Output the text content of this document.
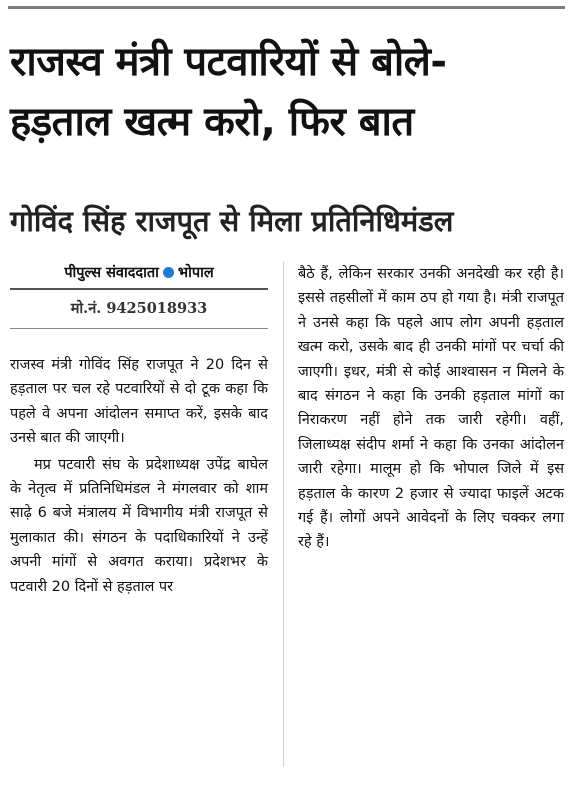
राजस्व मंत्री पटवारियों से बोले-
हड़ताल खत्म करो, फिर बात
गोविंद सिंह राजपूत से मिला प्रतिनिधिमंडल
पीपुल्स संवाददाता भोपाल
मो.नं. 9425018933

राजस्व मंत्री गोविंद सिंह राजपूत ने 20 दिन से हड़ताल पर चल रहे पटवारियों से दो टूक कहा कि पहले वे अपना आंदोलन समाप्त करें, इसके बाद उनसे बात की जाएगी।

मप्र पटवारी संघ के प्रदेशाध्यक्ष उपेंद्र बाघेल के नेतृत्व में प्रतिनिधिमंडल ने मंगलवार को शाम साढ़े 6 बजे मंत्रालय में विभागीय मंत्री राजपूत से मुलाकात की। संगठन के पदाधिकारियों ने उन्हें अपनी मांगों से अवगत कराया। प्रदेशभर के पटवारी 20 दिनों से हड़ताल पर

बैठे हैं, लेकिन सरकार उनकी अनदेखी कर रही है। इससे तहसीलों में काम ठप हो गया है। मंत्री राजपूत ने उनसे कहा कि पहले आप लोग अपनी हड़ताल खत्म करो, उसके बाद ही उनकी मांगों पर चर्चा की जाएगी। इधर, मंत्री से कोई आश्वासन न मिलने के बाद संगठन ने कहा कि उनकी हड़ताल मांगों का निराकरण नहीं होने तक जारी रहेगी। वहीं, जिलाध्यक्ष संदीप शर्मा ने कहा कि उनका आंदोलन जारी रहेगा। मालूम हो कि भोपाल जिले में इस हड़ताल के कारण 2 हजार से ज्यादा फाइलें अटक गई हैं। लोगों अपने आवेदनों के लिए चक्कर लगा रहे हैं।
